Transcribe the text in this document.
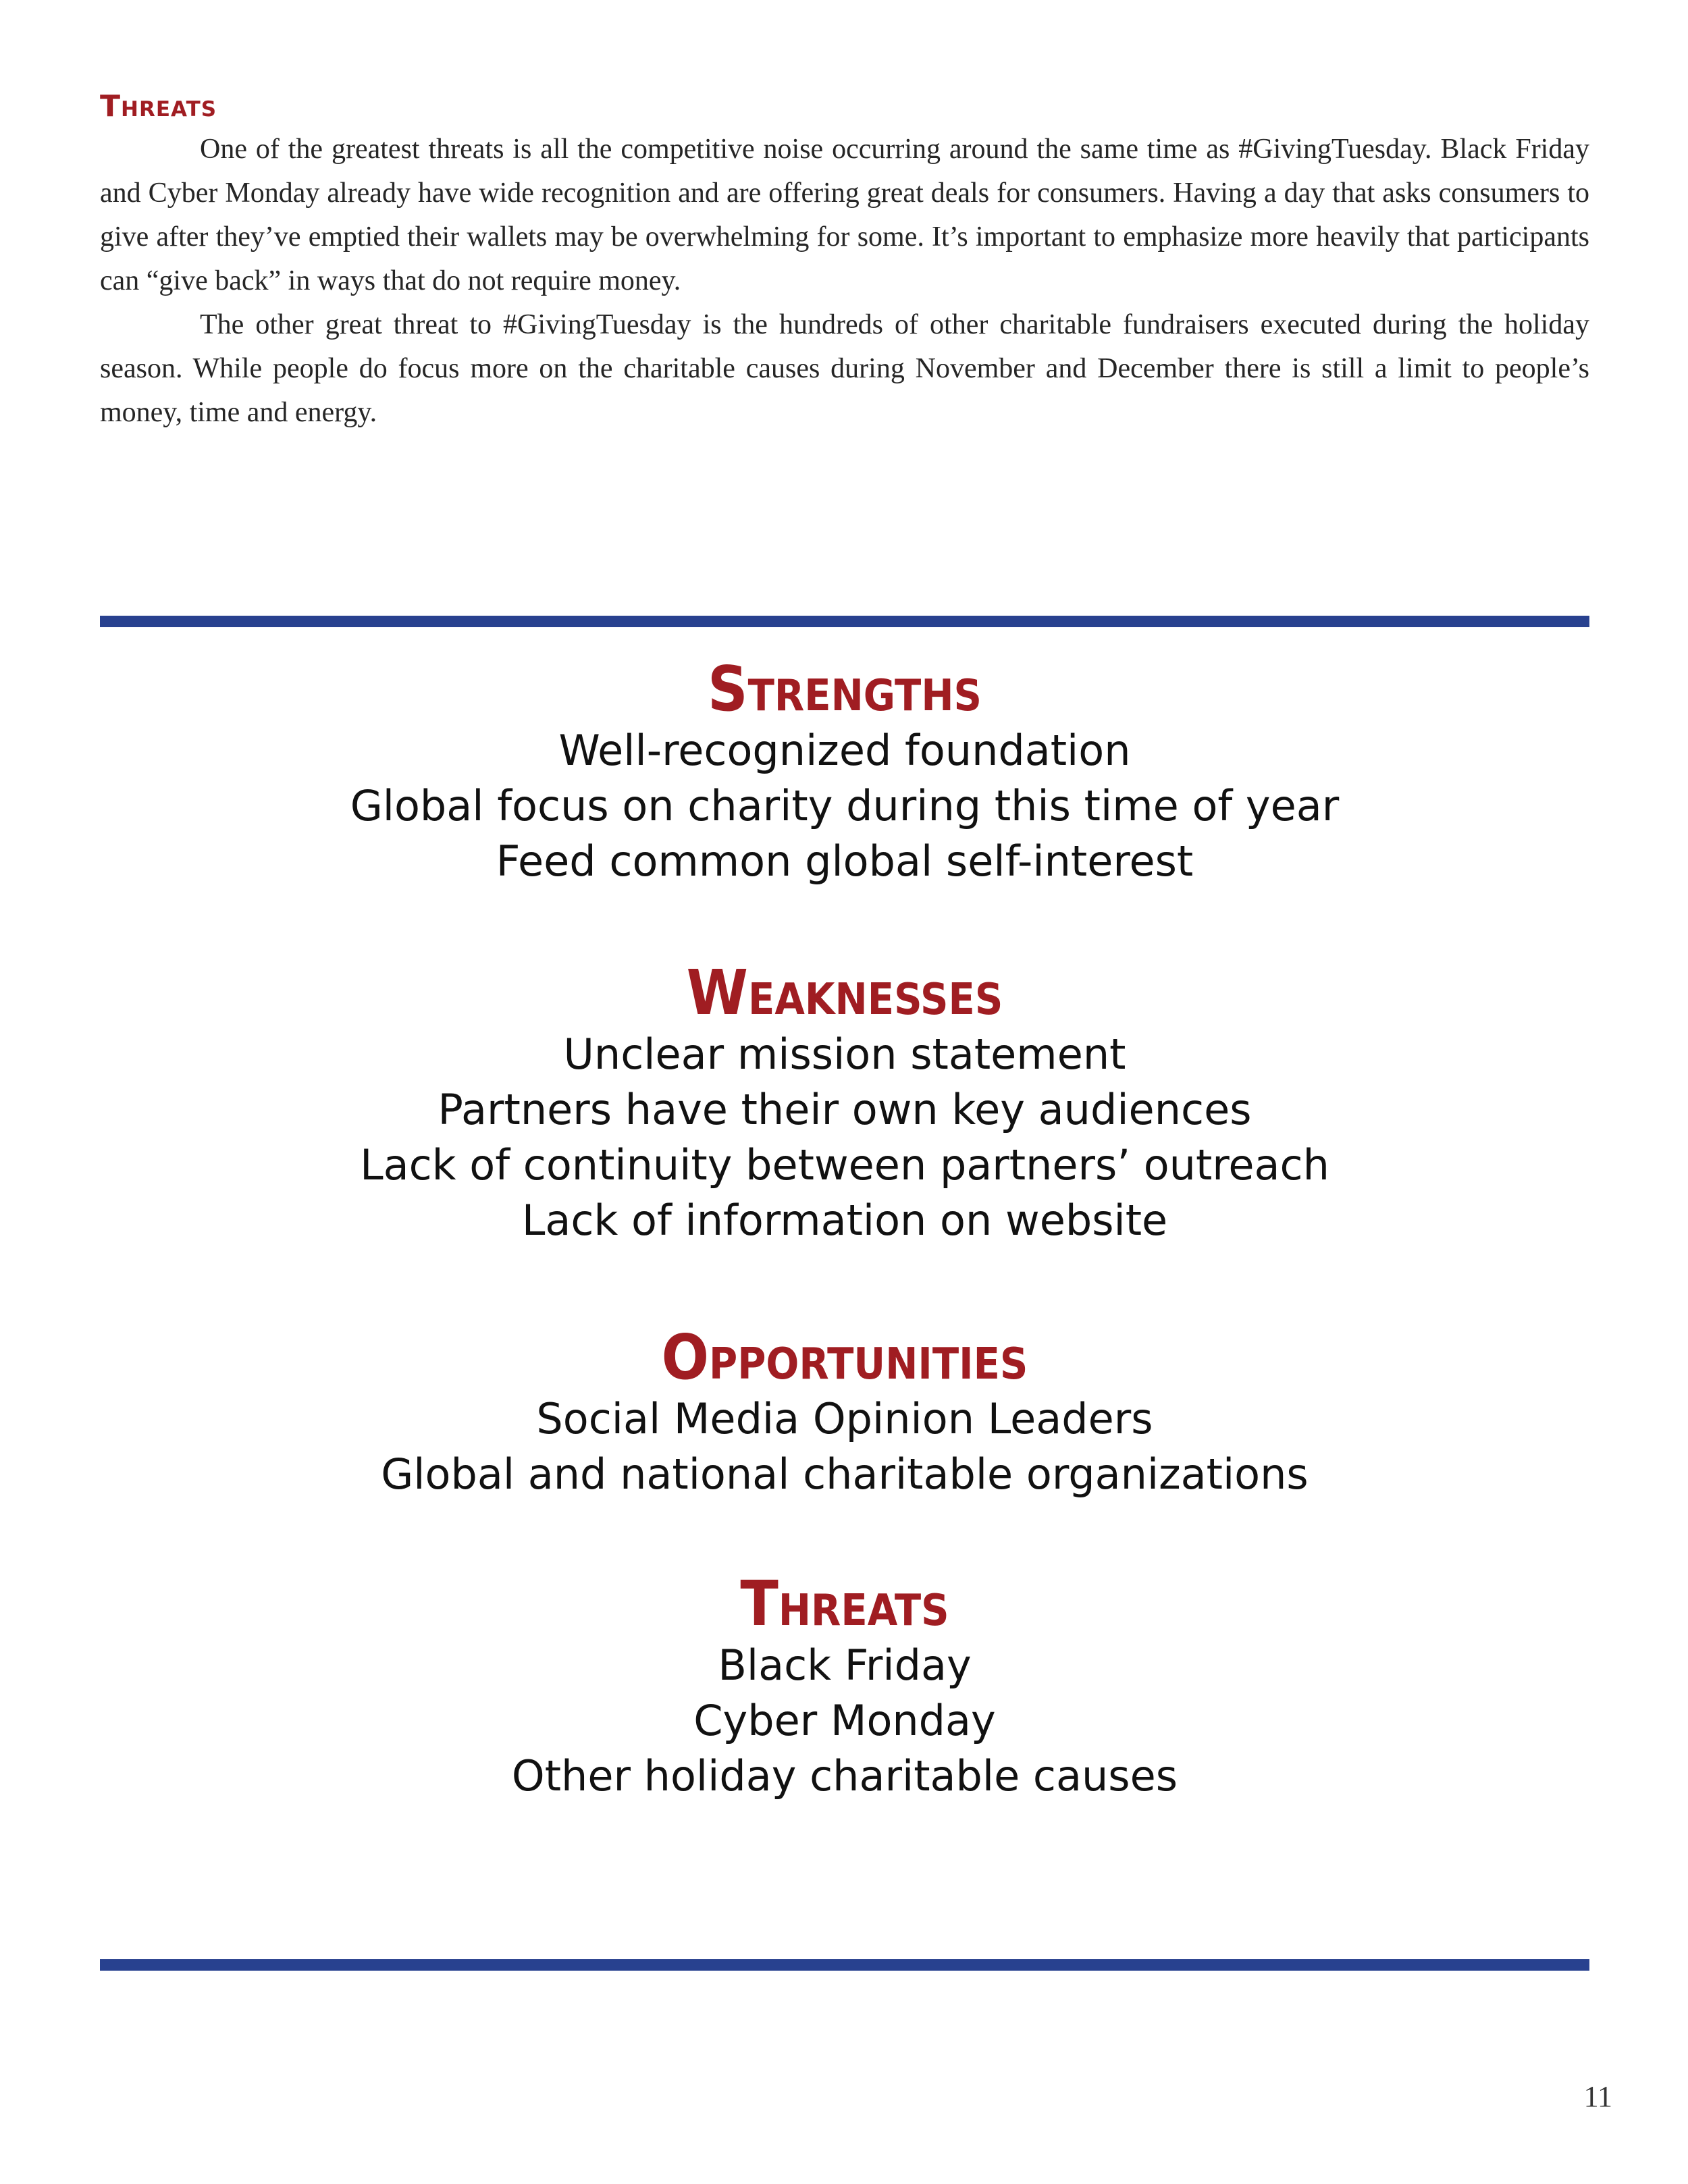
Threats

One of the greatest threats is all the competitive noise occurring around the same time as #GivingTuesday. Black Friday and Cyber Monday already have wide recognition and are offering great deals for consumers. Having a day that asks consumers to give after they’ve emptied their wallets may be overwhelming for some. It’s important to emphasize more heavily that participants can “give back” in ways that do not require money.

The other great threat to #GivingTuesday is the hundreds of other charitable fundraisers executed during the holiday season. While people do focus more on the charitable causes during November and December there is still a limit to people’s money, time and energy.

Strengths
Well-recognized foundation
Global focus on charity during this time of year
Feed common global self-interest
Weaknesses
Unclear mission statement
Partners have their own key audiences
Lack of continuity between partners’ outreach
Lack of information on website
Opportunities
Social Media Opinion Leaders
Global and national charitable organizations
Threats
Black Friday
Cyber Monday
Other holiday charitable causes
11
